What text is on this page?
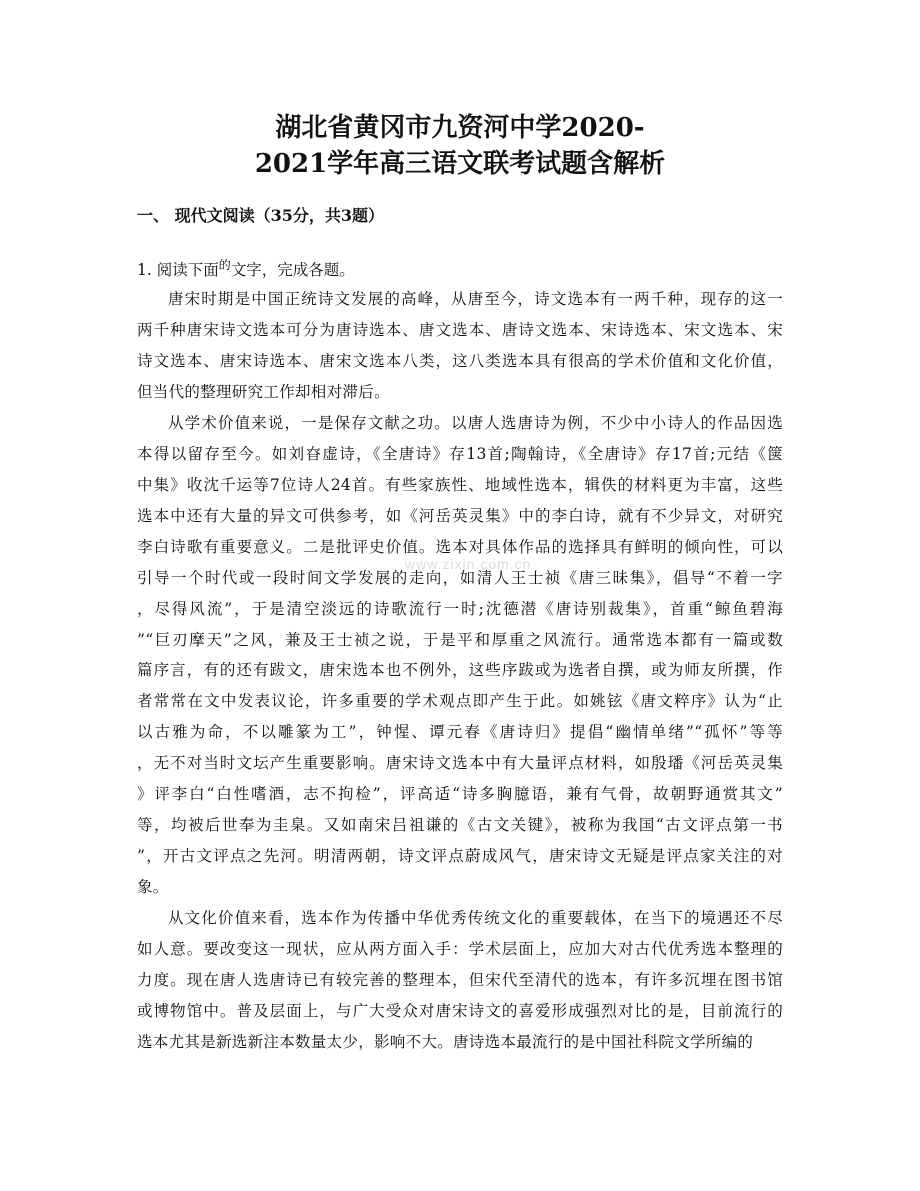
湖北省黄冈市九资河中学2020-
2021学年高三语文联考试题含解析
一、 现代文阅读（35分，共3题）

1. 阅读下面$^的$文字，完成各题。

唐宋时期是中国正统诗文发展的高峰，从唐至今，诗文选本有一两千种，现存的这一

两千种唐宋诗文选本可分为唐诗选本、唐文选本、唐诗文选本、宋诗选本、宋文选本、宋

诗文选本、唐宋诗选本、唐宋文选本八类，这八类选本具有很高的学术价值和文化价值，

但当代的整理研究工作却相对滞后。

从学术价值来说，一是保存文献之功。以唐人选唐诗为例，不少中小诗人的作品因选

本得以留存至今。如刘昚虚诗，《全唐诗》存13首;陶翰诗，《全唐诗》存17首;元结《箧

中集》收沈千运等7位诗人24首。有些家族性、地域性选本，辑佚的材料更为丰富，这些

选本中还有大量的异文可供参考，如《河岳英灵集》中的李白诗，就有不少异文，对研究

李白诗歌有重要意义。二是批评史价值。选本对具体作品的选择具有鲜明的倾向性，可以

引导一个时代或一段时间文学发展的走向，如清人王士祯《唐三昧集》，倡导“不着一字

，尽得风流”，于是清空淡远的诗歌流行一时;沈德潜《唐诗别裁集》，首重“鲸鱼碧海

”“巨刃摩天”之风，兼及王士祯之说，于是平和厚重之风流行。通常选本都有一篇或数

篇序言，有的还有跋文，唐宋选本也不例外，这些序跋或为选者自撰，或为师友所撰，作

者常常在文中发表议论，许多重要的学术观点即产生于此。如姚铉《唐文粹序》认为“止

以古雅为命，不以雕篆为工”，钟惺、谭元春《唐诗归》提倡“幽情单绪”“孤怀”等等

，无不对当时文坛产生重要影响。唐宋诗文选本中有大量评点材料，如殷璠《河岳英灵集

》评李白“白性嗜酒，志不拘检”，评高适“诗多胸臆语，兼有气骨，故朝野通赏其文”

等，均被后世奉为圭臬。又如南宋吕祖谦的《古文关键》，被称为我国“古文评点第一书

”，开古文评点之先河。明清两朝，诗文评点蔚成风气，唐宋诗文无疑是评点家关注的对

象。

从文化价值来看，选本作为传播中华优秀传统文化的重要载体，在当下的境遇还不尽

如人意。要改变这一现状，应从两方面入手：学术层面上，应加大对古代优秀选本整理的

力度。现在唐人选唐诗已有较完善的整理本，但宋代至清代的选本，有许多沉埋在图书馆

或博物馆中。普及层面上，与广大受众对唐宋诗文的喜爱形成强烈对比的是，目前流行的

选本尤其是新选新注本数量太少，影响不大。唐诗选本最流行的是中国社科院文学所编的

www.zixin.com.cn
